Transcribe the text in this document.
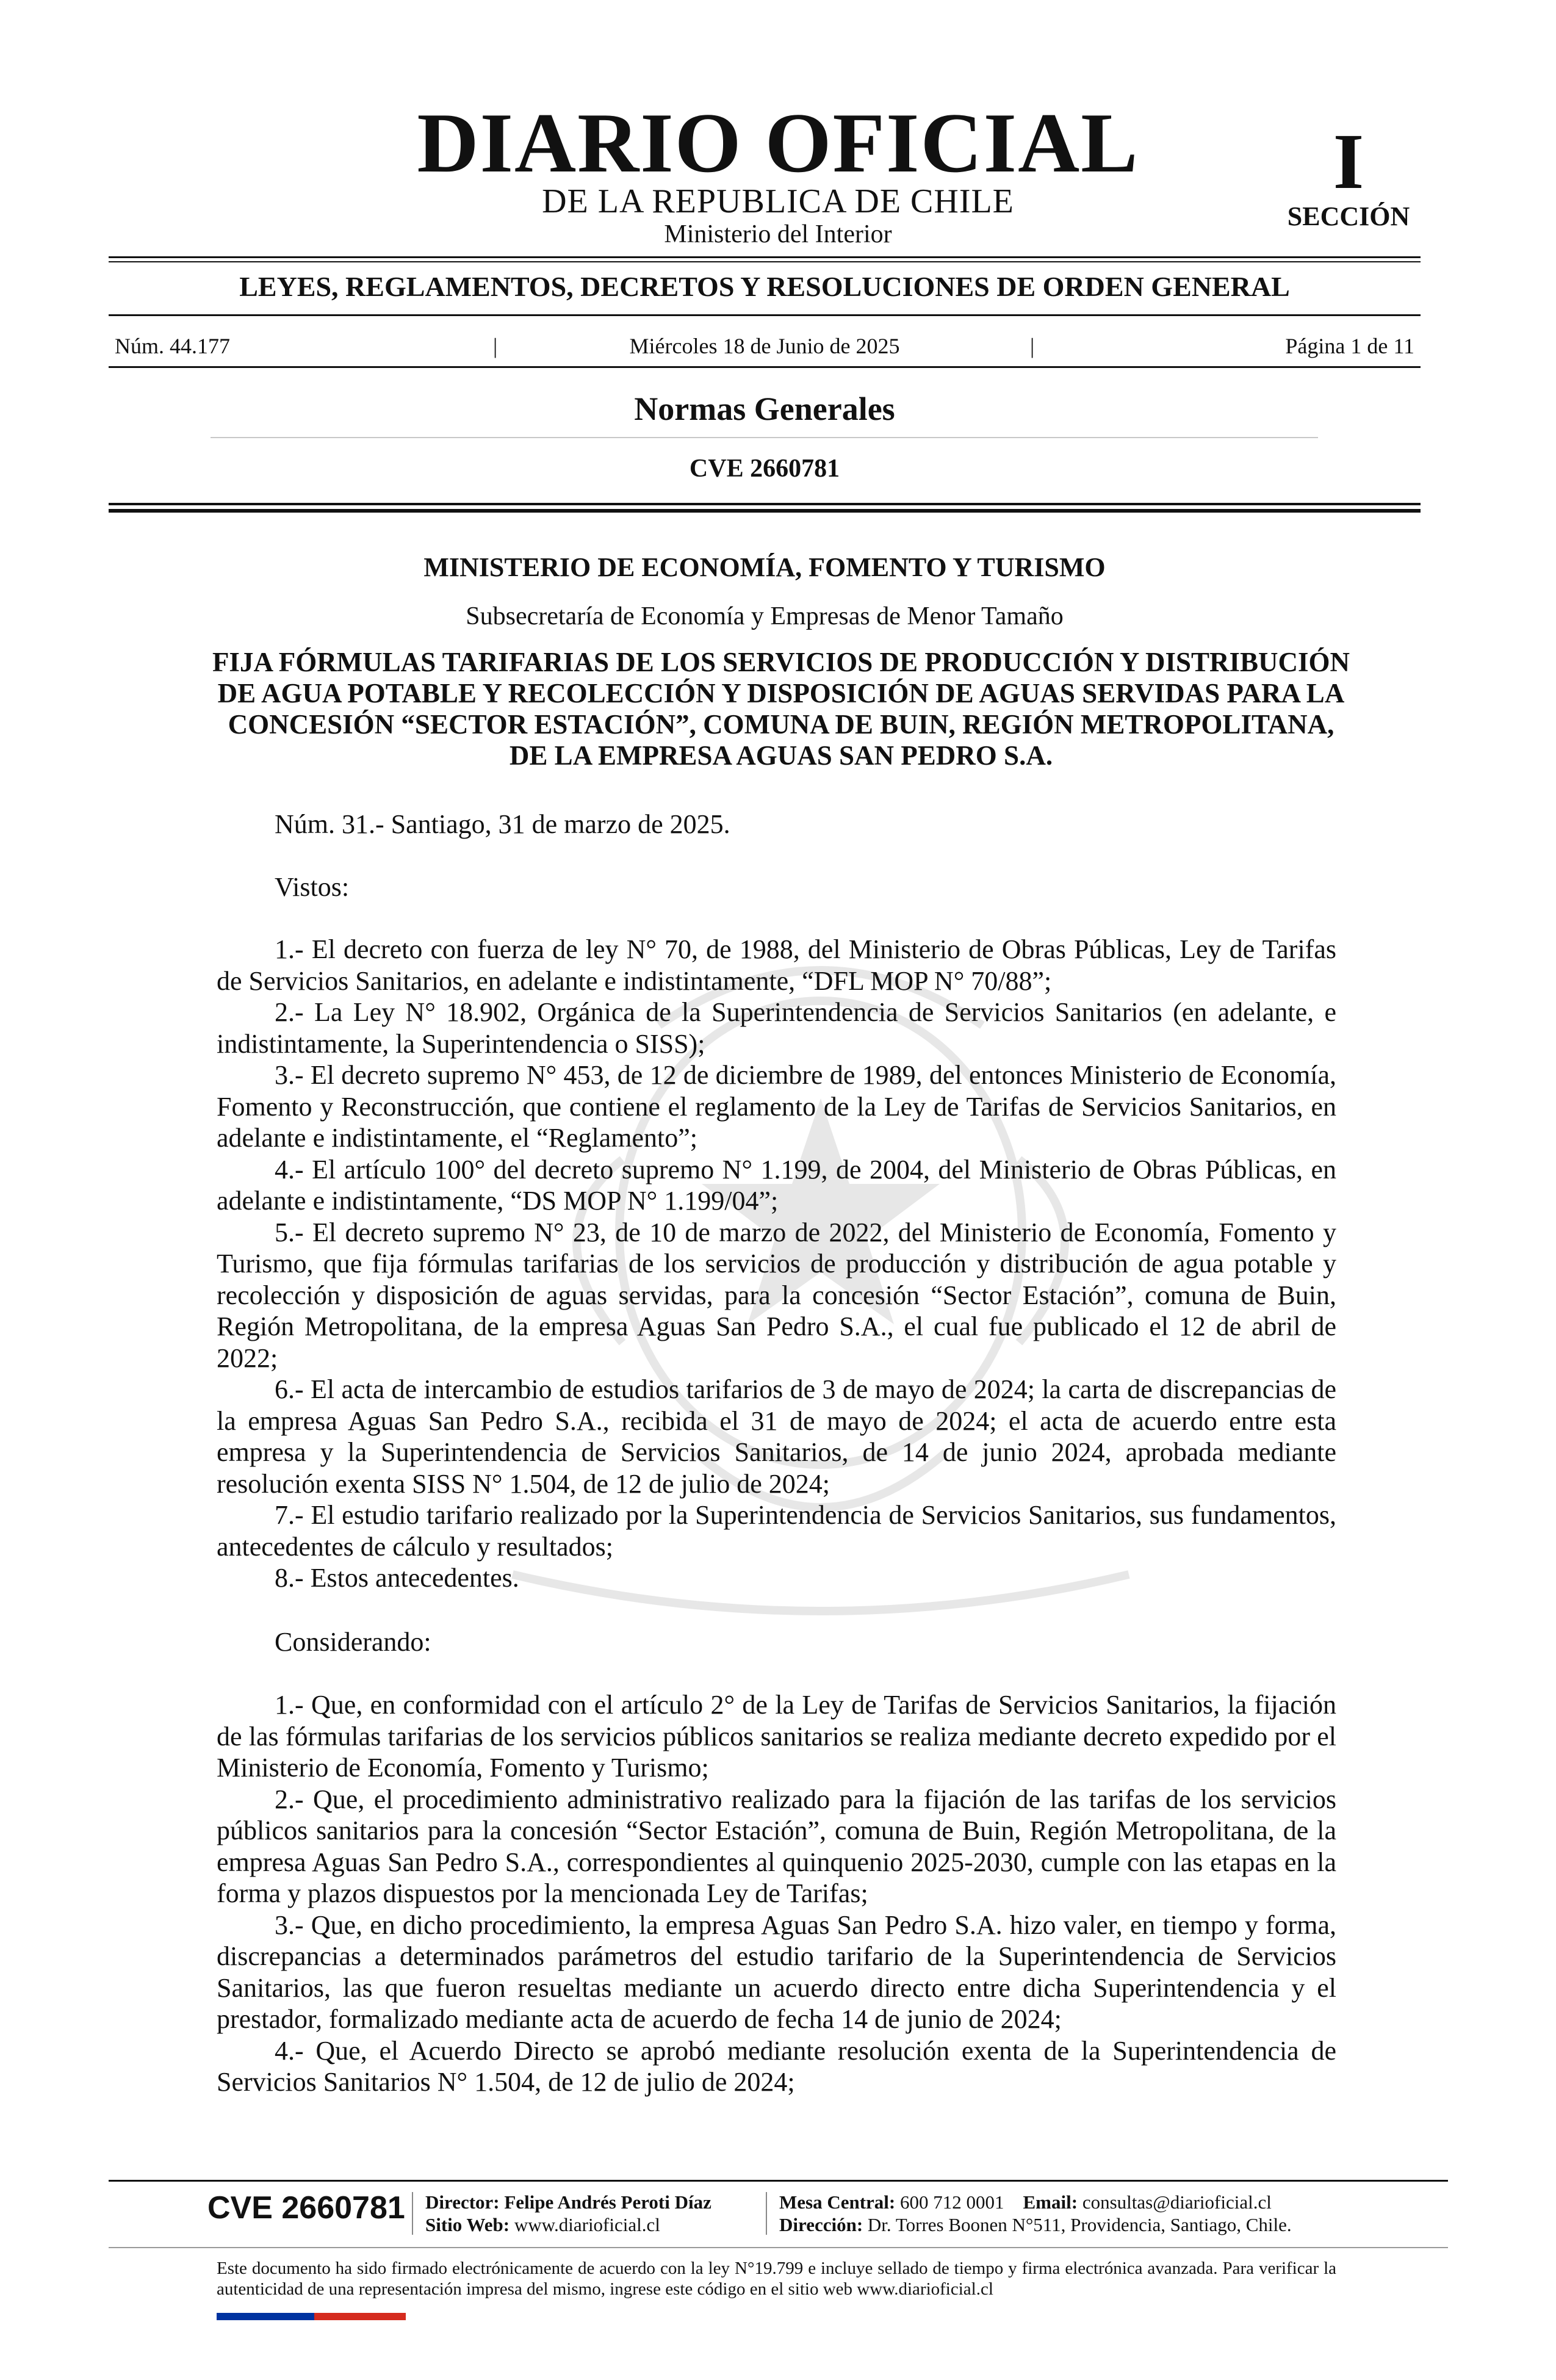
DIARIO OFICIAL
DE LA REPUBLICA DE CHILE
Ministerio del Interior
I
SECCIÓN
LEYES, REGLAMENTOS, DECRETOS Y RESOLUCIONES DE ORDEN GENERAL
Núm. 44.177	|	Miércoles 18 de Junio de 2025	|	Página 1 de 11
Normas Generales
CVE 2660781
MINISTERIO DE ECONOMÍA, FOMENTO Y TURISMO
Subsecretaría de Economía y Empresas de Menor Tamaño
FIJA FÓRMULAS TARIFARIAS DE LOS SERVICIOS DE PRODUCCIÓN Y DISTRIBUCIÓN DE AGUA POTABLE Y RECOLECCIÓN Y DISPOSICIÓN DE AGUAS SERVIDAS PARA LA CONCESIÓN “SECTOR ESTACIÓN”, COMUNA DE BUIN, REGIÓN METROPOLITANA, DE LA EMPRESA AGUAS SAN PEDRO S.A.
Núm. 31.- Santiago, 31 de marzo de 2025.
Vistos:

1.- El decreto con fuerza de ley N° 70, de 1988, del Ministerio de Obras Públicas, Ley de Tarifas de Servicios Sanitarios, en adelante e indistintamente, “DFL MOP N° 70/88”;

2.- La Ley N° 18.902, Orgánica de la Superintendencia de Servicios Sanitarios (en adelante, e indistintamente, la Superintendencia o SISS);

3.- El decreto supremo N° 453, de 12 de diciembre de 1989, del entonces Ministerio de Economía, Fomento y Reconstrucción, que contiene el reglamento de la Ley de Tarifas de Servicios Sanitarios, en adelante e indistintamente, el “Reglamento”;

4.- El artículo 100° del decreto supremo N° 1.199, de 2004, del Ministerio de Obras Públicas, en adelante e indistintamente, “DS MOP N° 1.199/04”;

5.- El decreto supremo N° 23, de 10 de marzo de 2022, del Ministerio de Economía, Fomento y Turismo, que fija fórmulas tarifarias de los servicios de producción y distribución de agua potable y recolección y disposición de aguas servidas, para la concesión “Sector Estación”, comuna de Buin, Región Metropolitana, de la empresa Aguas San Pedro S.A., el cual fue publicado el 12 de abril de 2022;

6.- El acta de intercambio de estudios tarifarios de 3 de mayo de 2024; la carta de discrepancias de la empresa Aguas San Pedro S.A., recibida el 31 de mayo de 2024; el acta de acuerdo entre esta empresa y la Superintendencia de Servicios Sanitarios, de 14 de junio 2024, aprobada mediante resolución exenta SISS N° 1.504, de 12 de julio de 2024;

7.- El estudio tarifario realizado por la Superintendencia de Servicios Sanitarios, sus fundamentos, antecedentes de cálculo y resultados;

8.- Estos antecedentes.

Considerando:

1.- Que, en conformidad con el artículo 2° de la Ley de Tarifas de Servicios Sanitarios, la fijación de las fórmulas tarifarias de los servicios públicos sanitarios se realiza mediante decreto expedido por el Ministerio de Economía, Fomento y Turismo;

2.- Que, el procedimiento administrativo realizado para la fijación de las tarifas de los servicios públicos sanitarios para la concesión “Sector Estación”, comuna de Buin, Región Metropolitana, de la empresa Aguas San Pedro S.A., correspondientes al quinquenio 2025-2030, cumple con las etapas en la forma y plazos dispuestos por la mencionada Ley de Tarifas;

3.- Que, en dicho procedimiento, la empresa Aguas San Pedro S.A. hizo valer, en tiempo y forma, discrepancias a determinados parámetros del estudio tarifario de la Superintendencia de Servicios Sanitarios, las que fueron resueltas mediante un acuerdo directo entre dicha Superintendencia y el prestador, formalizado mediante acta de acuerdo de fecha 14 de junio de 2024;

4.- Que, el Acuerdo Directo se aprobó mediante resolución exenta de la Superintendencia de Servicios Sanitarios N° 1.504, de 12 de julio de 2024;

CVE 2660781 Director: Felipe Andrés Peroti Díaz
Sitio Web: www.diarioficial.cl
Mesa Central: 600 712 0001 Email: consultas@diarioficial.cl
Dirección: Dr. Torres Boonen N°511, Providencia, Santiago, Chile.
Este documento ha sido firmado electrónicamente de acuerdo con la ley N°19.799 e incluye sellado de tiempo y firma electrónica avanzada. Para verificar la autenticidad de una representación impresa del mismo, ingrese este código en el sitio web www.diarioficial.cl
